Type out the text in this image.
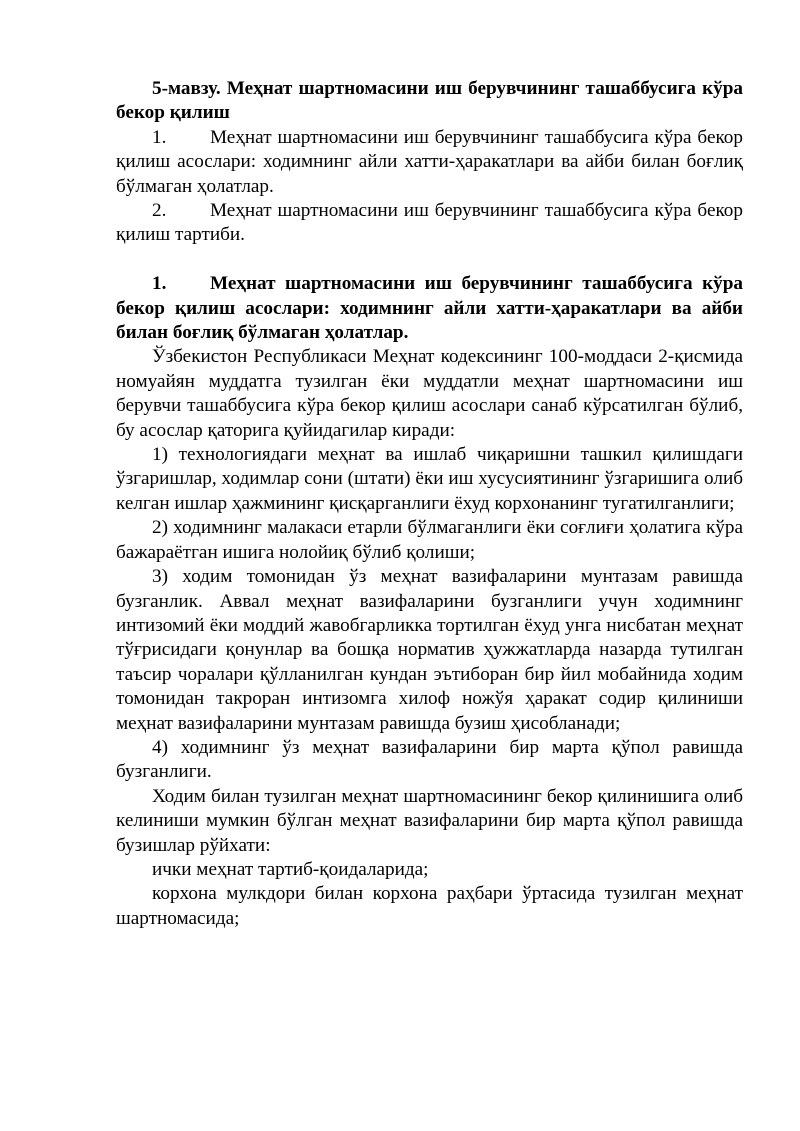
5-мавзу. Меҳнат шартномасини иш берувчининг ташаббусига кўра бекор қилиш

1. Меҳнат шартномасини иш берувчининг ташаббусига кўра бекор қилиш асослари: ходимнинг айли хатти-ҳаракатлари ва айби билан боғлиқ бўлмаган ҳолатлар.

2. Меҳнат шартномасини иш берувчининг ташаббусига кўра бекор қилиш тартиби.

1. Меҳнат шартномасини иш берувчининг ташаббусига кўра бекор қилиш асослари: ходимнинг айли хатти-ҳаракатлари ва айби билан боғлиқ бўлмаган ҳолатлар.

Ўзбекистон Республикаси Меҳнат кодексининг 100-моддаси 2-қисмида номуайян муддатга тузилган ёки муддатли меҳнат шартномасини иш берувчи ташаббусига кўра бекор қилиш асослари санаб кўрсатилган бўлиб, бу асослар қаторига қуйидагилар киради:

1) технологиядаги меҳнат ва ишлаб чиқаришни ташкил қилишдаги ўзгаришлар, ходимлар сони (штати) ёки иш хусусиятининг ўзгаришига олиб келган ишлар ҳажмининг қисқарганлиги ёхуд корхонанинг тугатилганлиги;

2) ходимнинг малакаси етарли бўлмаганлиги ёки соғлиғи ҳолатига кўра бажараётган ишига нолойиқ бўлиб қолиши;

3) ходим томонидан ўз меҳнат вазифаларини мунтазам равишда бузганлик. Аввал меҳнат вазифаларини бузганлиги учун ходимнинг интизомий ёки моддий жавобгарликка тортилган ёхуд унга нисбатан меҳнат тўғрисидаги қонунлар ва бошқа норматив ҳужжатларда назарда тутилган таъсир чоралари қўлланилган кундан эътиборан бир йил мобайнида ходим томонидан такроран интизомга хилоф ножўя ҳаракат содир қилиниши меҳнат вазифаларини мунтазам равишда бузиш ҳисобланади;

4) ходимнинг ўз меҳнат вазифаларини бир марта қўпол равишда бузганлиги.

Ходим билан тузилган меҳнат шартномасининг бекор қилинишига олиб келиниши мумкин бўлган меҳнат вазифаларини бир марта қўпол равишда бузишлар рўйхати:

ички меҳнат тартиб-қоидаларида;

корхона мулкдори билан корхона раҳбари ўртасида тузилган меҳнат шартномасида;
